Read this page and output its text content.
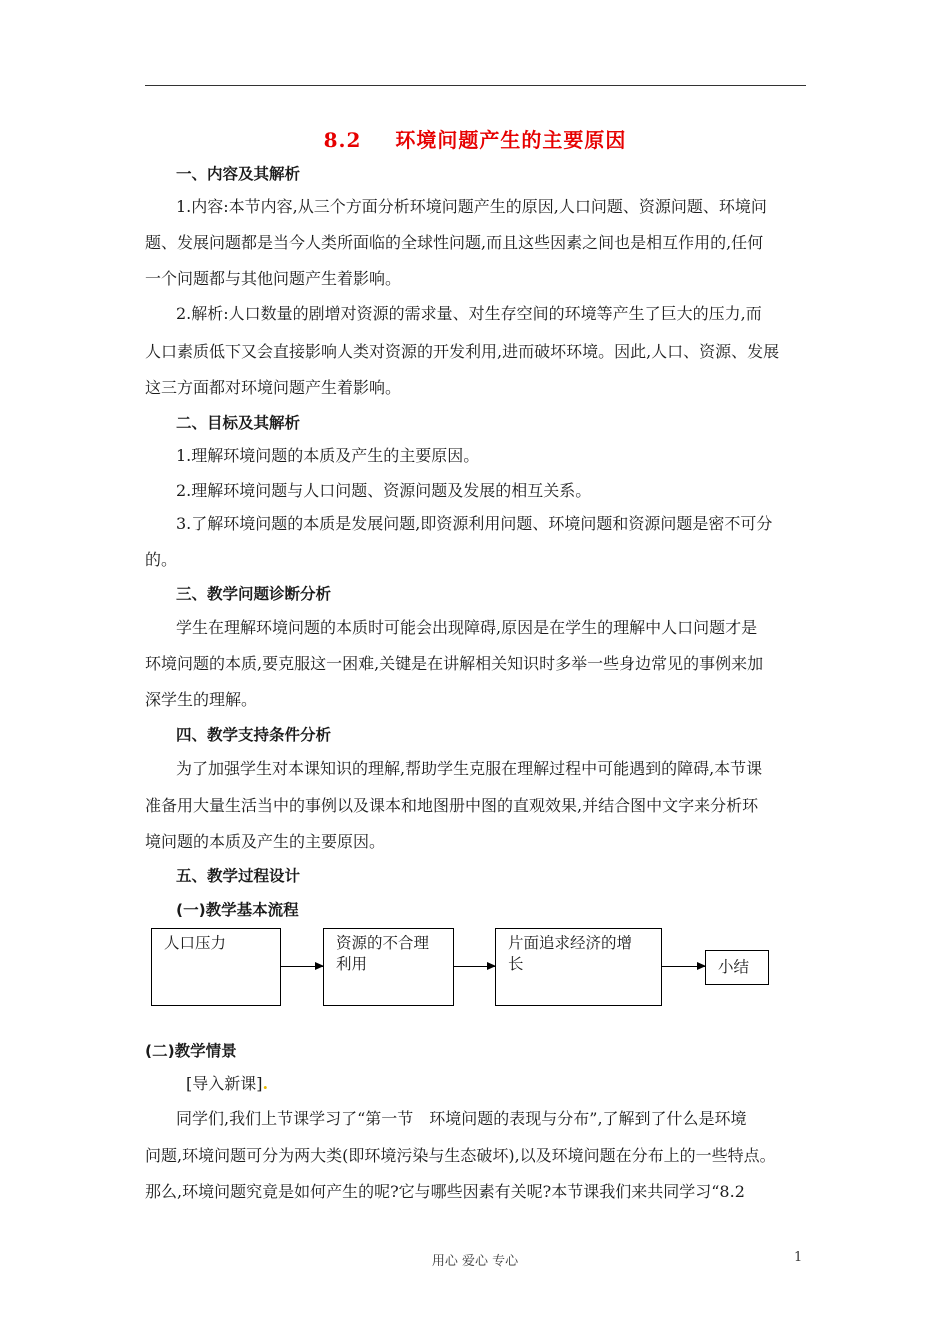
8.2 环境问题产生的主要原因
一、内容及其解析
1.内容:本节内容,从三个方面分析环境问题产生的原因,人口问题、资源问题、环境问
题、发展问题都是当今人类所面临的全球性问题,而且这些因素之间也是相互作用的,任何
一个问题都与其他问题产生着影响。
2.解析:人口数量的剧增对资源的需求量、对生存空间的环境等产生了巨大的压力,而
人口素质低下又会直接影响人类对资源的开发利用,进而破坏环境。因此,人口、资源、发展
这三方面都对环境问题产生着影响。
二、目标及其解析
1.理解环境问题的本质及产生的主要原因。
2.理解环境问题与人口问题、资源问题及发展的相互关系。
3.了解环境问题的本质是发展问题,即资源利用问题、环境问题和资源问题是密不可分
的。
三、教学问题诊断分析
学生在理解环境问题的本质时可能会出现障碍,原因是在学生的理解中人口问题才是
环境问题的本质,要克服这一困难,关键是在讲解相关知识时多举一些身边常见的事例来加
深学生的理解。
四、教学支持条件分析
为了加强学生对本课知识的理解,帮助学生克服在理解过程中可能遇到的障碍,本节课
准备用大量生活当中的事例以及课本和地图册中图的直观效果,并结合图中文字来分析环
境问题的本质及产生的主要原因。
五、教学过程设计
(一)教学基本流程
人口压力	资源的不合理
利用
片面追求经济的增
长	小结
(二)教学情景
[导入新课].
同学们,我们上节课学习了“第一节　环境问题的表现与分布”,了解到了什么是环境
问题,环境问题可分为两大类(即环境污染与生态破坏),以及环境问题在分布上的一些特点。
那么,环境问题究竟是如何产生的呢?它与哪些因素有关呢?本节课我们来共同学习“8.2
用心 爱心 专心	1
